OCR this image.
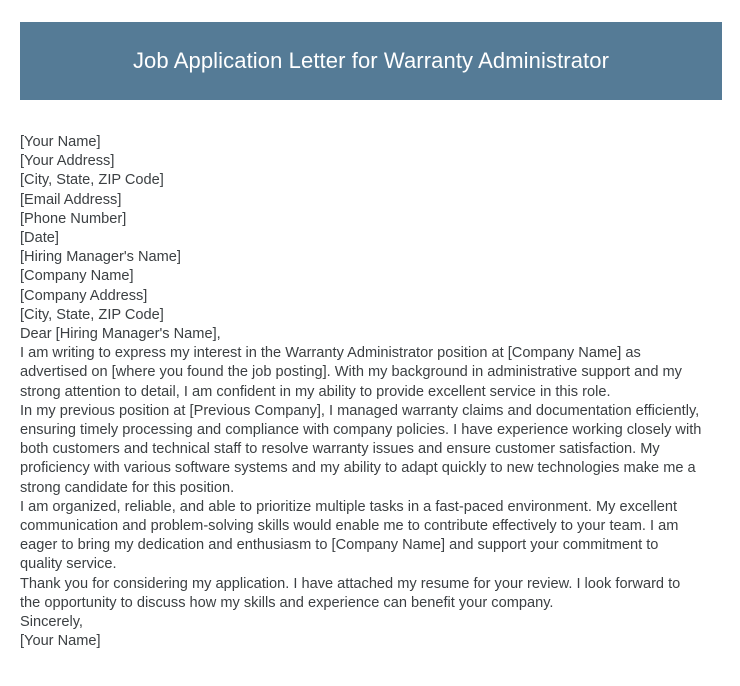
Job Application Letter for Warranty Administrator
[Your Name]
[Your Address]
[City, State, ZIP Code]
[Email Address]
[Phone Number]
[Date]
[Hiring Manager's Name]
[Company Name]
[Company Address]
[City, State, ZIP Code]
Dear [Hiring Manager's Name],
I am writing to express my interest in the Warranty Administrator position at [Company Name] as advertised on [where you found the job posting]. With my background in administrative support and my strong attention to detail, I am confident in my ability to provide excellent service in this role.
In my previous position at [Previous Company], I managed warranty claims and documentation efficiently, ensuring timely processing and compliance with company policies. I have experience working closely with both customers and technical staff to resolve warranty issues and ensure customer satisfaction. My proficiency with various software systems and my ability to adapt quickly to new technologies make me a strong candidate for this position.
I am organized, reliable, and able to prioritize multiple tasks in a fast-paced environment. My excellent communication and problem-solving skills would enable me to contribute effectively to your team. I am eager to bring my dedication and enthusiasm to [Company Name] and support your commitment to quality service.
Thank you for considering my application. I have attached my resume for your review. I look forward to the opportunity to discuss how my skills and experience can benefit your company.
Sincerely,
[Your Name]
